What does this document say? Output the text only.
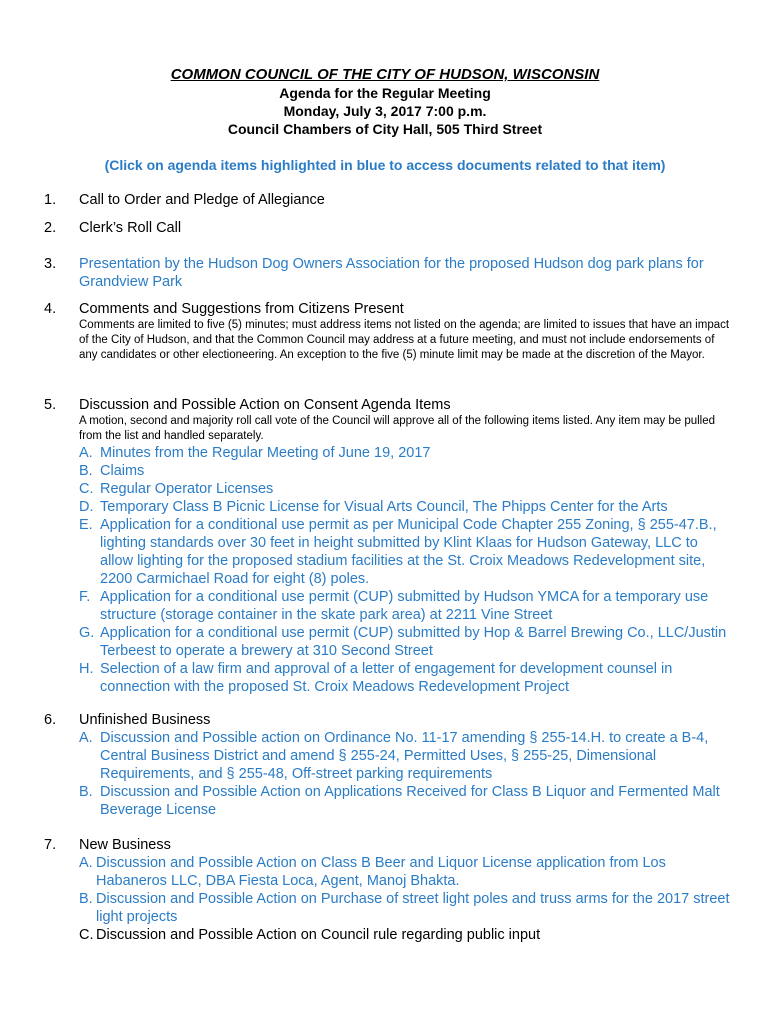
COMMON COUNCIL OF THE CITY OF HUDSON, WISCONSIN

Agenda for the Regular Meeting

Monday, July 3, 2017 7:00 p.m.

Council Chambers of City Hall, 505 Third Street

(Click on agenda items highlighted in blue to access documents related to that item)
1. Call to Order and Pledge of Allegiance
2. Clerk’s Roll Call
3. Presentation by the Hudson Dog Owners Association for the proposed Hudson dog park plans for Grandview Park
4. Comments and Suggestions from Citizens Present
Comments are limited to five (5) minutes; must address items not listed on the agenda; are limited to issues that have an impact of the City of Hudson, and that the Common Council may address at a future meeting, and must not include endorsements of any candidates or other electioneering. An exception to the five (5) minute limit may be made at the discretion of the Mayor.
5. Discussion and Possible Action on Consent Agenda Items
A motion, second and majority roll call vote of the Council will approve all of the following items listed. Any item may be pulled from the list and handled separately.
A. Minutes from the Regular Meeting of June 19, 2017
B. Claims
C. Regular Operator Licenses
D. Temporary Class B Picnic License for Visual Arts Council, The Phipps Center for the Arts
E. Application for a conditional use permit as per Municipal Code Chapter 255 Zoning, § 255-47.B., lighting standards over 30 feet in height submitted by Klint Klaas for Hudson Gateway, LLC to allow lighting for the proposed stadium facilities at the St. Croix Meadows Redevelopment site, 2200 Carmichael Road for eight (8) poles.
F. Application for a conditional use permit (CUP) submitted by Hudson YMCA for a temporary use structure (storage container in the skate park area) at 2211 Vine Street
G. Application for a conditional use permit (CUP) submitted by Hop & Barrel Brewing Co., LLC/Justin Terbeest to operate a brewery at 310 Second Street
H. Selection of a law firm and approval of a letter of engagement for development counsel in connection with the proposed St. Croix Meadows Redevelopment Project
6. Unfinished Business
A. Discussion and Possible action on Ordinance No. 11-17 amending § 255-14.H. to create a B-4, Central Business District and amend § 255-24, Permitted Uses, § 255-25, Dimensional Requirements, and § 255-48, Off-street parking requirements
B. Discussion and Possible Action on Applications Received for Class B Liquor and Fermented Malt Beverage License
7. New Business
A. Discussion and Possible Action on Class B Beer and Liquor License application from Los Habaneros LLC, DBA Fiesta Loca, Agent, Manoj Bhakta.
B. Discussion and Possible Action on Purchase of street light poles and truss arms for the 2017 street light projects
C. Discussion and Possible Action on Council rule regarding public input
